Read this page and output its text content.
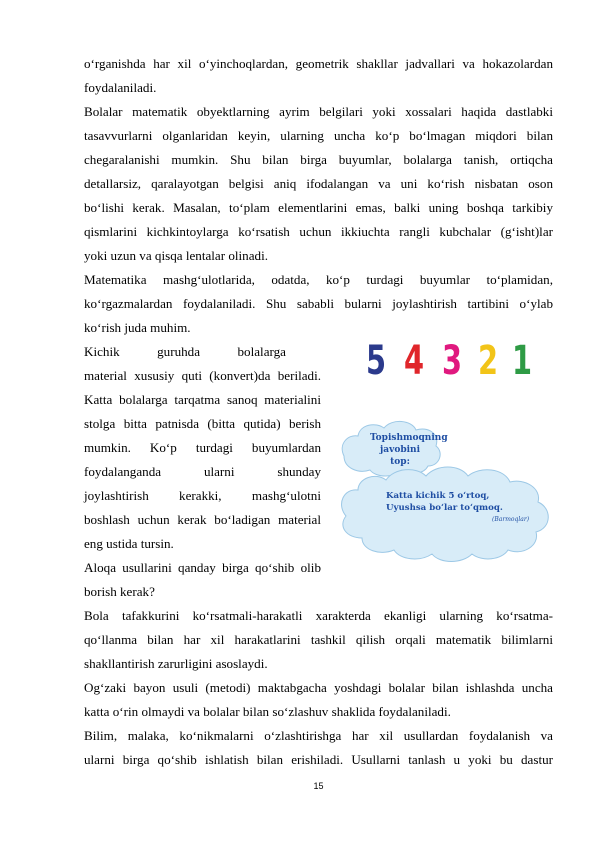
o‘rganishda har xil o‘yinchoqlardan, geometrik shakllar jadvallari va hokazolardan
foydalaniladi.
Bolalar matematik obyektlarning ayrim belgilari yoki xossalari haqida dastlabki
tasavvurlarni olganlaridan keyin, ularning uncha ko‘p bo‘lmagan miqdori bilan
chegaralanishi mumkin. Shu bilan birga buyumlar, bolalarga tanish, ortiqcha
detallarsiz, qaralayotgan belgisi aniq ifodalangan va uni ko‘rish nisbatan oson
bo‘lishi kerak. Masalan, to‘plam elementlarini emas, balki uning boshqa tarkibiy
qismlarini kichkintoylarga ko‘rsatish uchun ikkiuchta rangli kubchalar (g‘isht)lar
yoki uzun va qisqa lentalar olinadi.
Matematika mashg‘ulotlarida, odatda, ko‘p turdagi buyumlar to‘plamidan,
ko‘rgazmalardan foydalaniladi. Shu sababli bularni joylashtirish tartibini o‘ylab
ko‘rish juda muhim.
Kichik guruhda bolalarga
material xususiy quti (konvert)da beriladi.
Katta bolalarga tarqatma sanoq materialini
stolga bitta patnisda (bitta qutida) berish
mumkin. Ko‘p turdagi buyumlardan
foydalanganda ularni shunday
joylashtirish kerakki, mashg‘ulotni
boshlash uchun kerak bo‘ladigan material
eng ustida tursin.
Aloqa usullarini qanday birga qo‘shib olib
borish kerak?
5 4 3 2 1
Topishmoqning
javobini top:
Katta kichik 5 o‘rtoq,
Uyushsa bo‘lar to‘qmoq.
(Barmoqlar)
Bola tafakkurini ko‘rsatmali-harakatli xarakterda ekanligi ularning ko‘rsatma-
qo‘llanma bilan har xil harakatlarini tashkil qilish orqali matematik bilimlarni
shakllantirish zarurligini asoslaydi.
Og‘zaki bayon usuli (metodi) maktabgacha yoshdagi bolalar bilan ishlashda uncha
katta o‘rin olmaydi va bolalar bilan so‘zlashuv shaklida foydalaniladi.
Bilim, malaka, ko‘nikmalarni o‘zlashtirishga har xil usullardan foydalanish va
ularni birga qo‘shib ishlatish bilan erishiladi. Usullarni tanlash u yoki bu dastur
15
